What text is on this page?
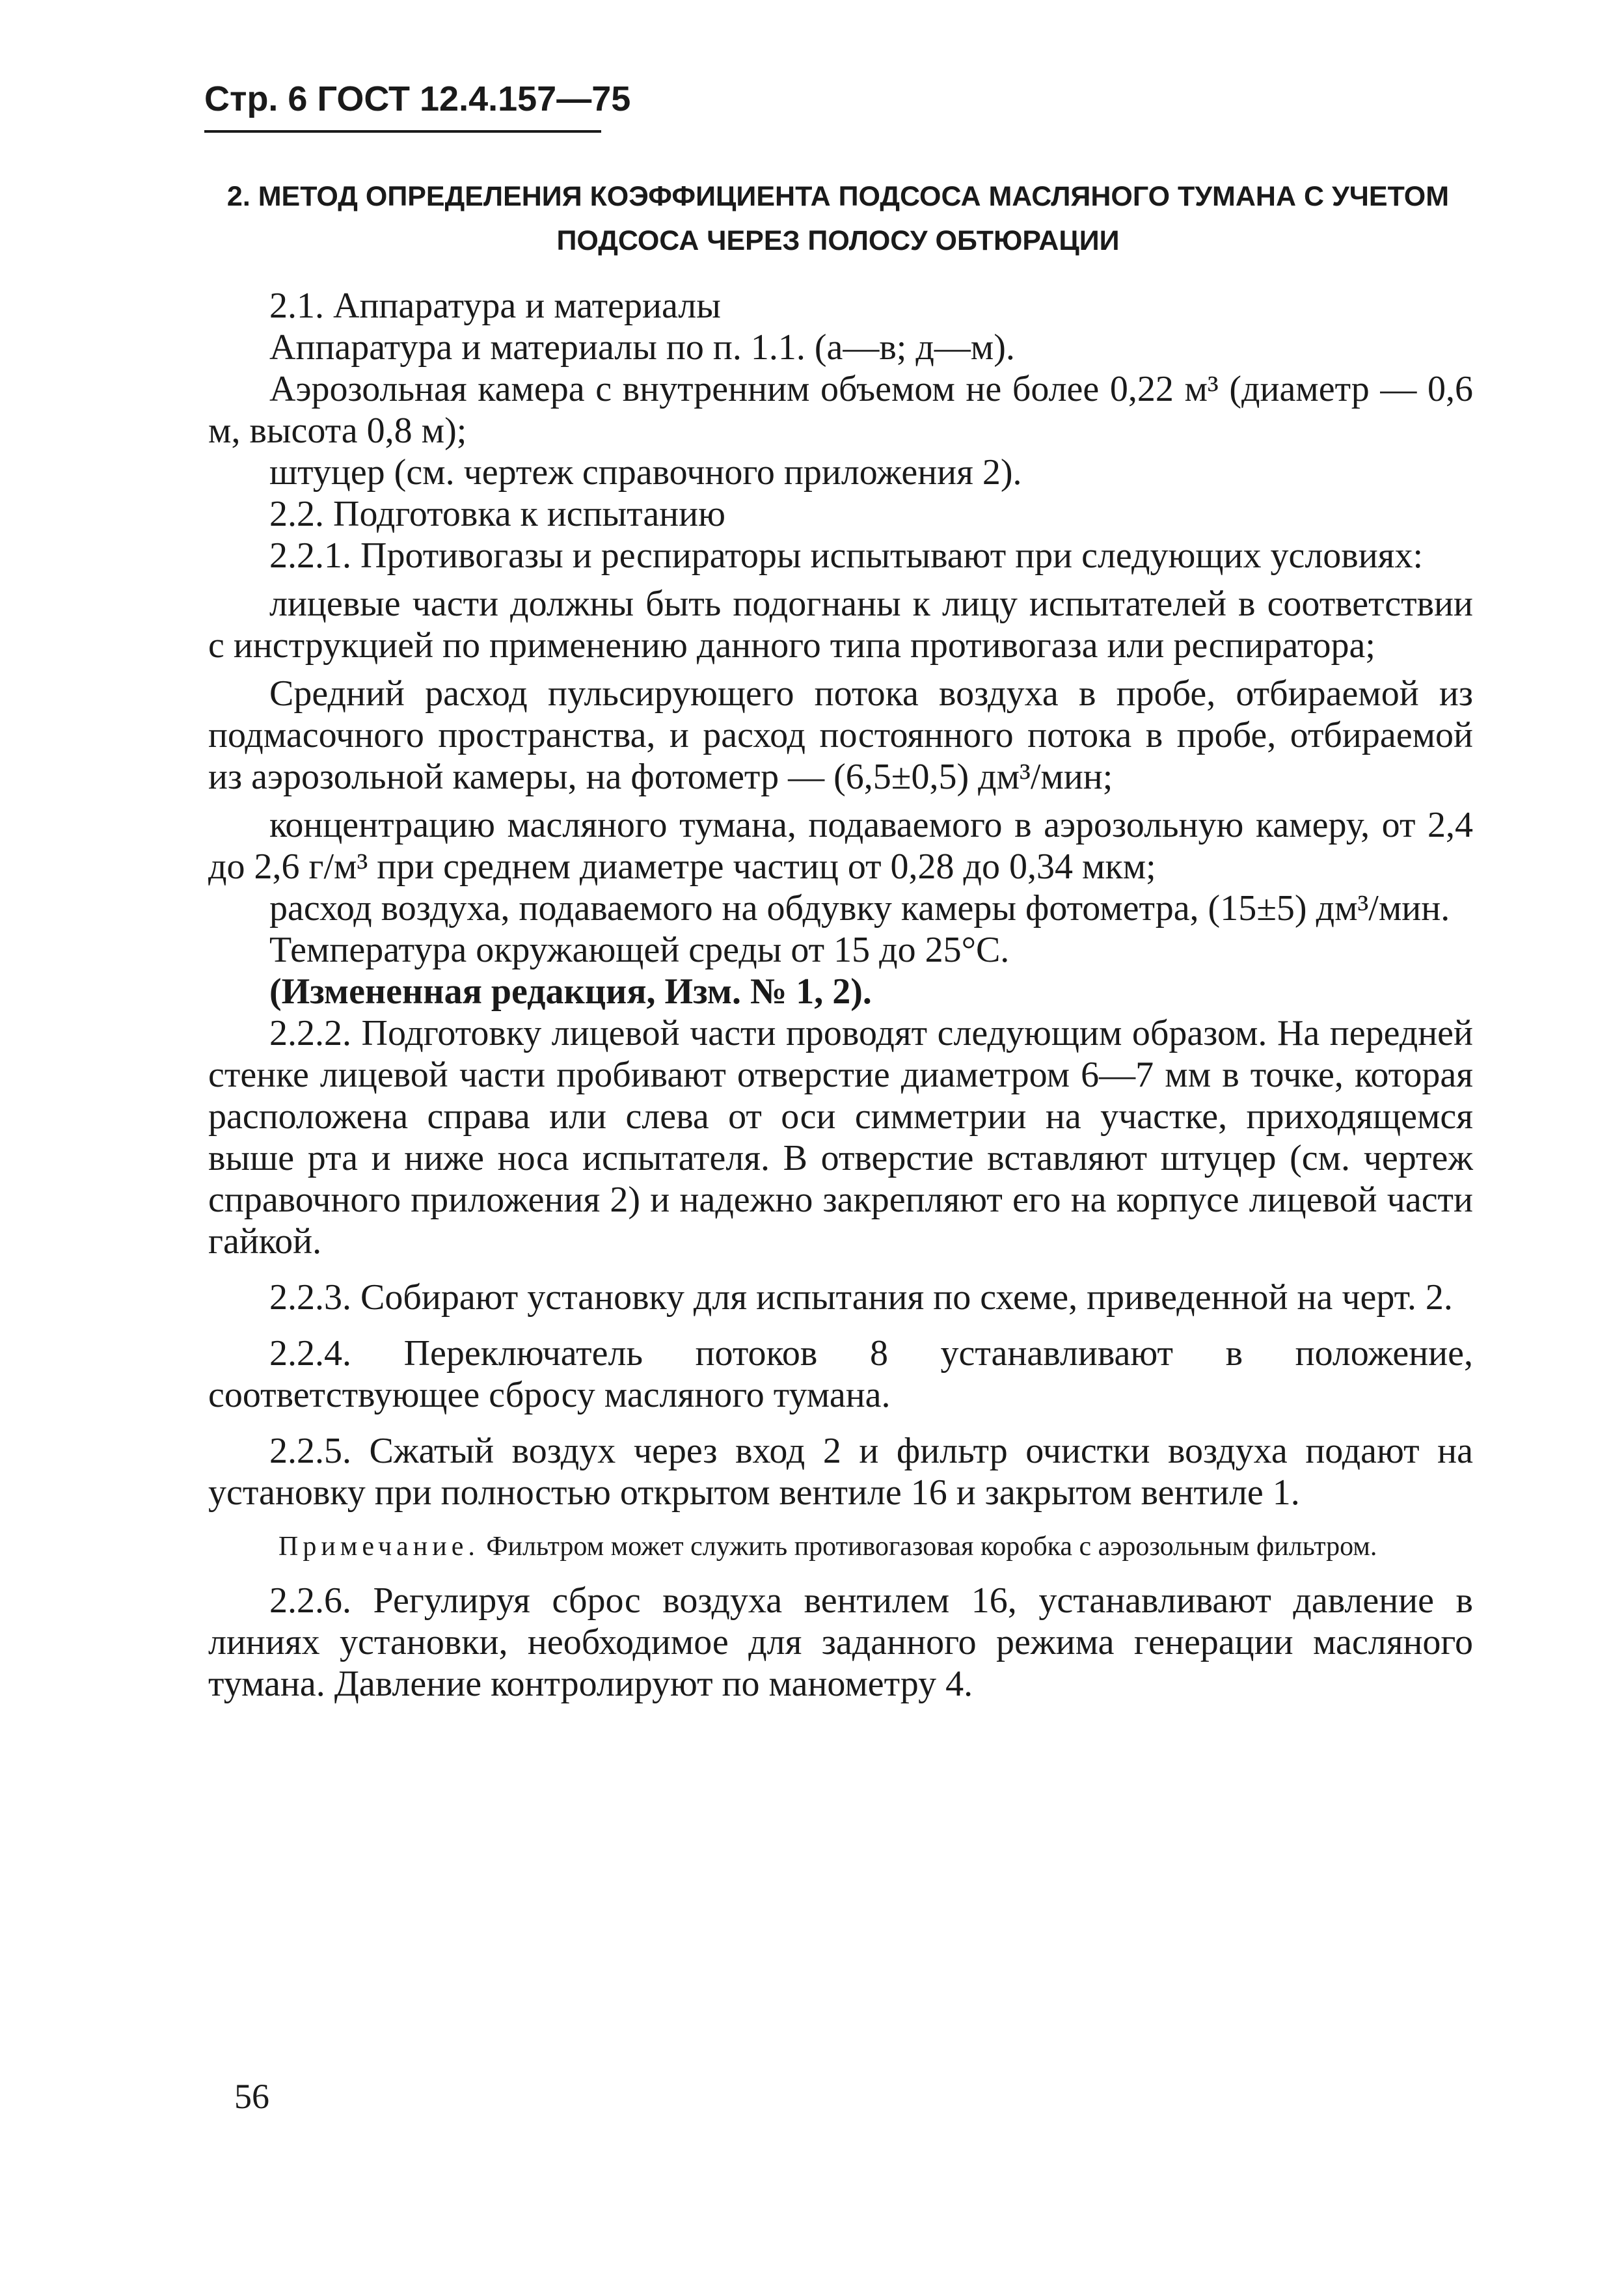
Стр. 6 ГОСТ 12.4.157—75
2. МЕТОД ОПРЕДЕЛЕНИЯ КОЭФФИЦИЕНТА ПОДСОСА МАСЛЯНОГО ТУМАНА С УЧЕТОМ ПОДСОСА ЧЕРЕЗ ПОЛОСУ ОБТЮРАЦИИ

2.1. Аппаратура и материалы

Аппаратура и материалы по п. 1.1. (а—в; д—м).

Аэрозольная камера с внутренним объемом не более 0,22 м³ (диаметр — 0,6 м, высота 0,8 м);

штуцер (см. чертеж справочного приложения 2).

2.2. Подготовка к испытанию

2.2.1. Противогазы и респираторы испытывают при следующих условиях:

лицевые части должны быть подогнаны к лицу испытателей в соответствии с инструкцией по применению данного типа противогаза или респиратора;

Средний расход пульсирующего потока воздуха в пробе, отбираемой из подмасочного пространства, и расход постоянного потока в пробе, отбираемой из аэрозольной камеры, на фотометр — (6,5±0,5) дм³/мин;

концентрацию масляного тумана, подаваемого в аэрозольную камеру, от 2,4 до 2,6 г/м³ при среднем диаметре частиц от 0,28 до 0,34 мкм;

расход воздуха, подаваемого на обдувку камеры фотометра, (15±5) дм³/мин.

Температура окружающей среды от 15 до 25°С.

(Измененная редакция, Изм. № 1, 2).

2.2.2. Подготовку лицевой части проводят следующим образом. На передней стенке лицевой части пробивают отверстие диаметром 6—7 мм в точке, которая расположена справа или слева от оси симметрии на участке, приходящемся выше рта и ниже носа испытателя. В отверстие вставляют штуцер (см. чертеж справочного приложения 2) и надежно закрепляют его на корпусе лицевой части гайкой.

2.2.3. Собирают установку для испытания по схеме, приведенной на черт. 2.

2.2.4. Переключатель потоков 8 устанавливают в положение, соответствующее сбросу масляного тумана.

2.2.5. Сжатый воздух через вход 2 и фильтр очистки воздуха подают на установку при полностью открытом вентиле 16 и закрытом вентиле 1.

Примечание. Фильтром может служить противогазовая коробка с аэрозольным фильтром.

2.2.6. Регулируя сброс воздуха вентилем 16, устанавливают давление в линиях установки, необходимое для заданного режима генерации масляного тумана. Давление контролируют по манометру 4.

56
